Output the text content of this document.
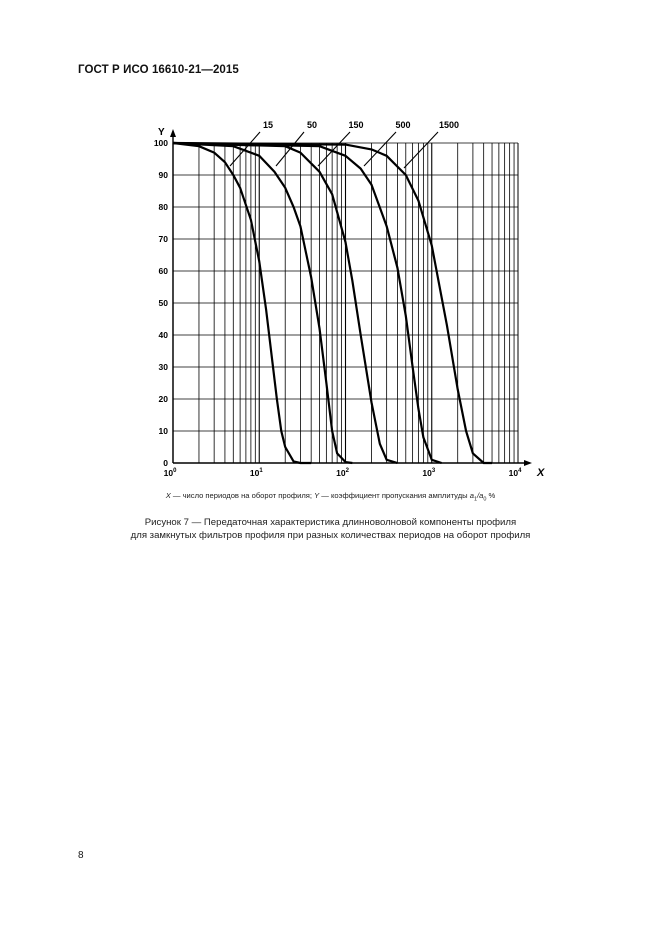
ГОСТ Р ИСО 16610-21—2015
X
Y
0
10
20
30
40
50
60
70
80
90
100
$10^0$	$10^1$	$10^2$	$10^3$	$10^4$
15	50	150	500	1500
X — число периодов на оборот профиля; Y — коэффициент пропускания амплитуды $a_1/a_0$ %
Рисунок 7 — Передаточная характеристика длинноволновой компоненты профиля
для замкнутых фильтров профиля при разных количествах периодов на оборот профиля
8
